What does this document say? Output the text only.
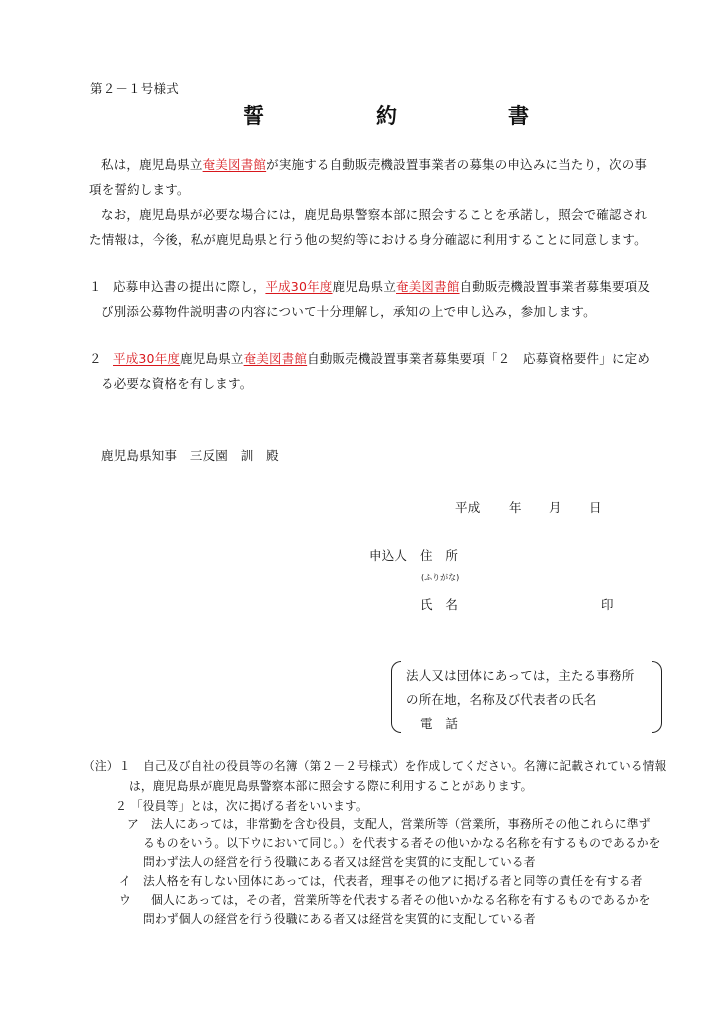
第２－１号様式
誓	約	書
私は，鹿児島県立奄美図書館が実施する自動販売機設置事業者の募集の申込みに当たり，次の事
項を誓約します。
なお，鹿児島県が必要な場合には，鹿児島県警察本部に照会することを承諾し，照会で確認され
た情報は，今後，私が鹿児島県と行う他の契約等における身分確認に利用することに同意します。
１ 応募申込書の提出に際し，平成30年度鹿児島県立奄美図書館自動販売機設置事業者募集要項及
び別添公募物件説明書の内容について十分理解し，承知の上で申し込み，参加します。
２ 平成30年度鹿児島県立奄美図書館自動販売機設置事業者募集要項「２　応募資格要件」に定め
る必要な資格を有します。
鹿児島県知事　三反園　訓　殿
平成 年 月 日
申込人 住　所
(ふりがな)
氏　名	印
法人又は団体にあっては，主たる事務所
の所在地，名称及び代表者の氏名
電　話
（注）１ 自己及び自社の役員等の名簿（第２－２号様式）を作成してください。名簿に記載されている情報
は，鹿児島県が鹿児島県警察本部に照会する際に利用することがあります。
２ 「役員等」とは，次に掲げる者をいいます。
ア 法人にあっては，非常勤を含む役員，支配人，営業所等（営業所，事務所その他これらに準ず
るものをいう。以下ウにおいて同じ。）を代表する者その他いかなる名称を有するものであるかを
問わず法人の経営を行う役職にある者又は経営を実質的に支配している者
イ 法人格を有しない団体にあっては，代表者，理事その他アに掲げる者と同等の責任を有する者
ウ 個人にあっては，その者，営業所等を代表する者その他いかなる名称を有するものであるかを
問わず個人の経営を行う役職にある者又は経営を実質的に支配している者
